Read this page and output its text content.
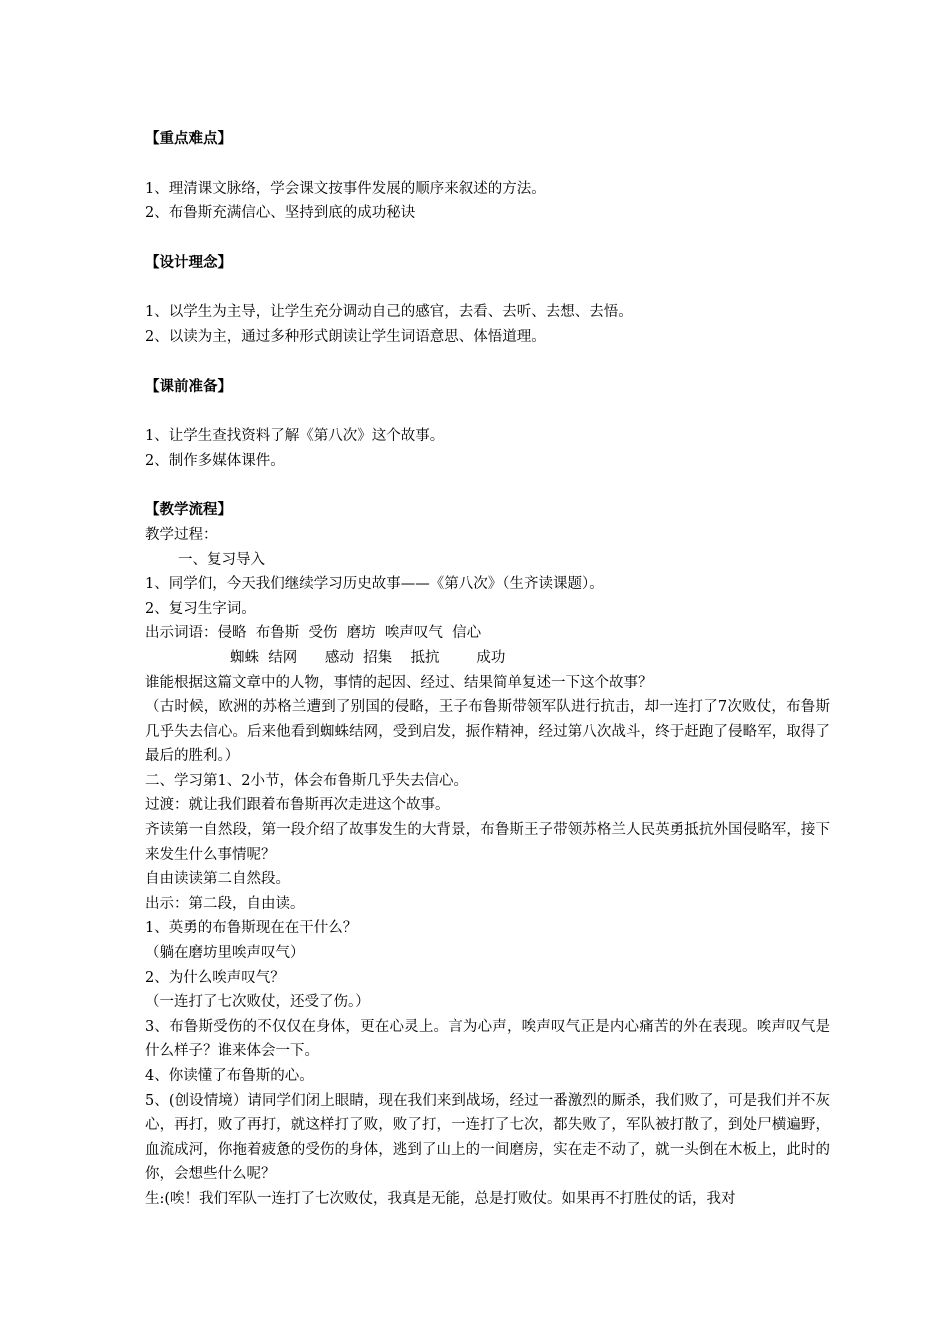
【重点难点】

1、理清课文脉络，学会课文按事件发展的顺序来叙述的方法。

2、布鲁斯充满信心、坚持到底的成功秘诀

【设计理念】

1、以学生为主导，让学生充分调动自己的感官，去看、去听、去想、去悟。

2、以读为主，通过多种形式朗读让学生词语意思、体悟道理。

【课前准备】

1、让学生查找资料了解《第八次》这个故事。

2、制作多媒体课件。

【教学流程】

教学过程：

一、复习导入

1、同学们，今天我们继续学习历史故事——《第八次》（生齐读课题）。

2、复习生字词。

出示词语：侵略  布鲁斯  受伤  磨坊  唉声叹气  信心

蜘蛛  结网      感动  招集    抵抗        成功

谁能根据这篇文章中的人物，事情的起因、经过、结果简单复述一下这个故事？

（古时候，欧洲的苏格兰遭到了别国的侵略，王子布鲁斯带领军队进行抗击，却一连打了7次败仗，布鲁斯几乎失去信心。后来他看到蜘蛛结网，受到启发，振作精神，经过第八次战斗，终于赶跑了侵略军，取得了最后的胜利。）

二、学习第1、2小节，体会布鲁斯几乎失去信心。

过渡：就让我们跟着布鲁斯再次走进这个故事。

齐读第一自然段，第一段介绍了故事发生的大背景，布鲁斯王子带领苏格兰人民英勇抵抗外国侵略军，接下来发生什么事情呢？

自由读读第二自然段。

出示：第二段，自由读。

1、英勇的布鲁斯现在在干什么？

（躺在磨坊里唉声叹气）

2、为什么唉声叹气？

（一连打了七次败仗，还受了伤。）

3、布鲁斯受伤的不仅仅在身体，更在心灵上。言为心声，唉声叹气正是内心痛苦的外在表现。唉声叹气是什么样子？谁来体会一下。

4、你读懂了布鲁斯的心。

5、(创设情境）请同学们闭上眼睛，现在我们来到战场，经过一番激烈的厮杀，我们败了，可是我们并不灰心，再打，败了再打，就这样打了败，败了打，一连打了七次，都失败了，军队被打散了，到处尸横遍野，血流成河，你拖着疲惫的受伤的身体，逃到了山上的一间磨房，实在走不动了，就一头倒在木板上，此时的你，会想些什么呢？

生:(唉！我们军队一连打了七次败仗，我真是无能，总是打败仗。如果再不打胜仗的话，我对
